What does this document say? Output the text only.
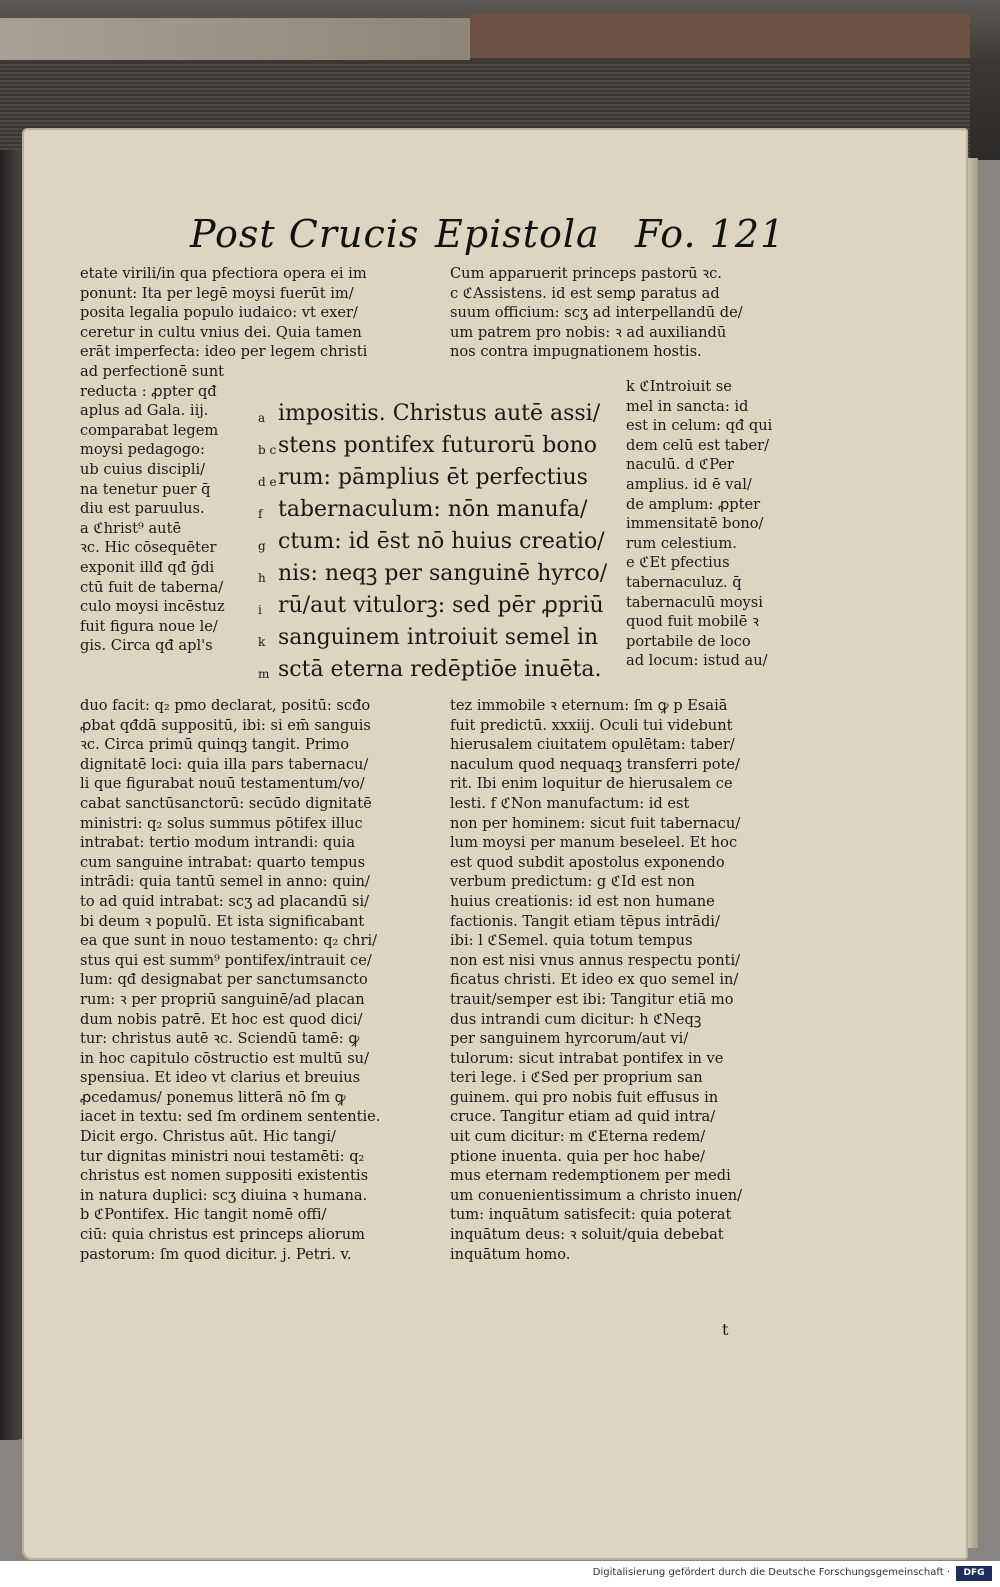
Post Crucis Epistola Fo. 121
etate virili/in qua pfectiora opera ei im
ponunt: Ita per legē moysi fuerūt im/
posita legalia populo iudaico: vt exer/
ceretur in cultu vnius dei. Quia tamen
erāt imperfecta: ideo per legem christi
ad perfectionē sunt
reducta : ꝓpter qđ
aplus ad Gala. iij.
comparabat legem
moysi pedagogo:
ub cuius discipli/
na tenetur puer q̄
diu est paruulus.
a ℭhrist⁹ autē
ꝛc. Hic cōsequēter
exponit illđ qđ ḡdi
ctū fuit de taberna/
culo moysi incēstuz
fuit figura noue le/
gis. Circa qđ apl's
Cum apparuerit princeps pastorū ꝛc.
c ℭAssistens. id est semꝑ paratus ad
suum officium: scʒ ad interpellandū de/
um patrem pro nobis: ꝛ ad auxiliandū
nos contra impugnationem hostis.
k ℭIntroiuit se
mel in sancta: id
est in celum: qđ qui
dem celū est taber/
naculū. d ℭPer
amplius. id ē val/
de amplum: ꝓpter
immensitatē bono/
rum celestium.
e ℭEt pfectius
tabernaculuz. q̄
tabernaculū moysi
quod fuit mobilē ꝛ
portabile de loco
ad locum: istud au/
a impositis. Christus autē assi/
b c stens pontifex futurorū bono
d e rum: pāmplius ēt perfectius
f tabernaculum: nōn manufa/
g ctum: id ēst nō huius creatio/
h nis: neqꝫ per sanguinē hyrco/
i rū/aut vitulorꝫ: sed pēr ꝓpriū
k sanguinem introiuit semel in
m sctā eterna redēptiōe inuēta.
duo facit: q₂ pmo declarat, positū: scđo
ꝓbat qđdā suppositū, ibi: si em̄ sanguis
ꝛc. Circa primū quinqꝫ tangit. Primo
dignitatē loci: quia illa pars tabernacu/
li que figurabat nouū testamentum/vo/
cabat sanctūsanctorū: secūdo dignitatē
ministri: q₂ solus summus pōtifex illuc
intrabat: tertio modum intrandi: quia
cum sanguine intrabat: quarto tempus
intrādi: quia tantū semel in anno: quin/
to ad quid intrabat: scʒ ad placandū si/
bi deum ꝛ populū. Et ista significabant
ea que sunt in nouo testamento: q₂ chri/
stus qui est summ⁹ pontifex/intrauit ce/
lum: qđ designabat per sanctumsancto
rum: ꝛ per propriū sanguinē/ad placan
dum nobis patrē. Et hoc est quod dici/
tur: christus autē ꝛc. Sciendū tamē: ꝙ
in hoc capitulo cōstructio est multū su/
spensiua. Et ideo vt clarius et breuius
ꝓcedamus/ ponemus litterā nō ſm ꝙ
iacet in textu: sed ſm ordinem sententie.
Dicit ergo. Christus aūt. Hic tangi/
tur dignitas ministri noui testamēti: q₂
christus est nomen suppositi existentis
in natura duplici: scʒ diuina ꝛ humana.
b ℭPontifex. Hic tangit nomē offi/
ciū: quia christus est princeps aliorum
pastorum: ſm quod dicitur. j. Petri. v.
tez immobile ꝛ eternum: ſm ꝙ p Esaiā
fuit predictū. xxxiij. Oculi tui videbunt
hierusalem ciuitatem opulētam: taber/
naculum quod nequaqꝫ transferri pote/
rit. Ibi enim loquitur de hierusalem ce
lesti. f ℭNon manufactum: id est
non per hominem: sicut fuit tabernacu/
lum moysi per manum beseleel. Et hoc
est quod subdit apostolus exponendo
verbum predictum: g ℭId est non
huius creationis: id est non humane
factionis. Tangit etiam tēpus intrādi/
ibi: l ℭSemel. quia totum tempus
non est nisi vnus annus respectu ponti/
ficatus christi. Et ideo ex quo semel in/
trauit/semper est ibi: Tangitur etiā mo
dus intrandi cum dicitur: h ℭNeqꝫ
per sanguinem hyrcorum/aut vi/
tulorum: sicut intrabat pontifex in ve
teri lege. i ℭSed per proprium san
guinem. qui pro nobis fuit effusus in
cruce. Tangitur etiam ad quid intra/
uit cum dicitur: m ℭEterna redem/
ptione inuenta. quia per hoc habe/
mus eternam redemptionem per medi
um conuenientissimum a christo inuen/
tum: inquātum satisfecit: quia poterat
inquātum deus: ꝛ soluit/quia debebat
inquātum homo.
t
Digitalisierung gefördert durch die Deutsche Forschungsgemeinschaft ·	DFG
